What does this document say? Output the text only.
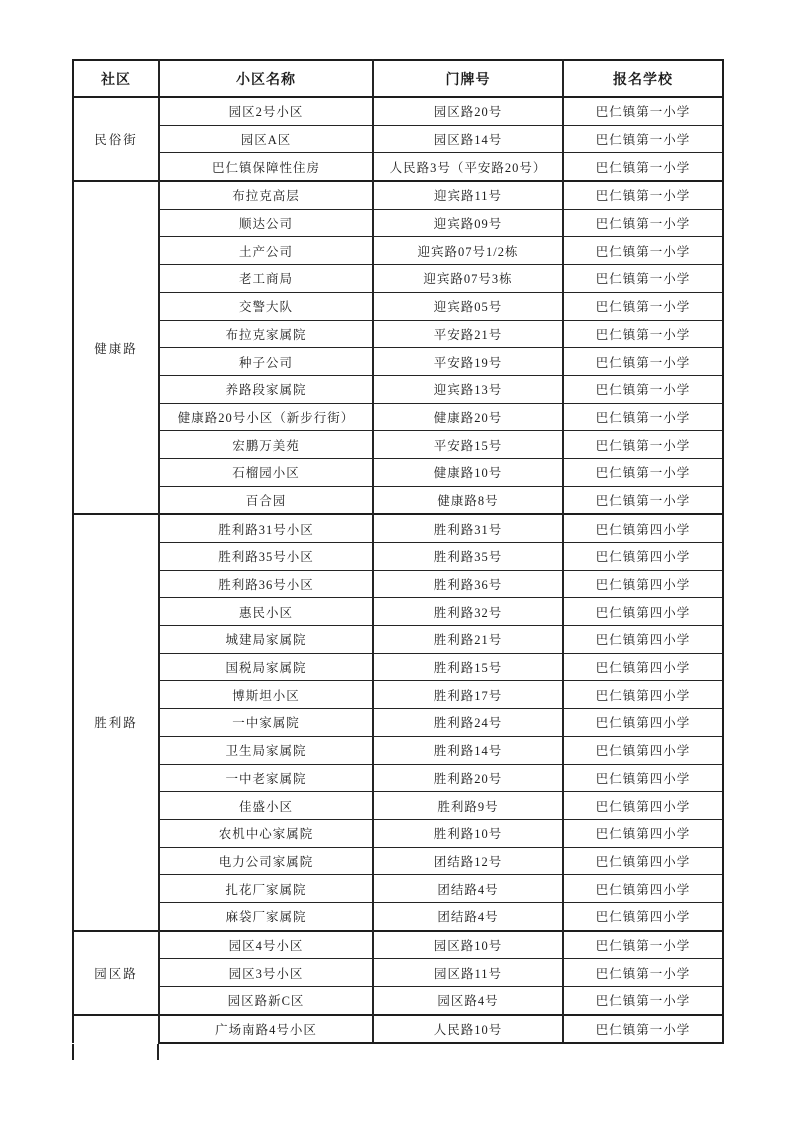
社区	小区名称	门牌号	报名学校
民俗街	园区2号小区	园区路20号	巴仁镇第一小学
	园区A区	园区路14号	巴仁镇第一小学
	巴仁镇保障性住房	人民路3号（平安路20号）	巴仁镇第一小学
健康路	布拉克高层	迎宾路11号	巴仁镇第一小学
	顺达公司	迎宾路09号	巴仁镇第一小学
	土产公司	迎宾路07号1/2栋	巴仁镇第一小学
	老工商局	迎宾路07号3栋	巴仁镇第一小学
	交警大队	迎宾路05号	巴仁镇第一小学
	布拉克家属院	平安路21号	巴仁镇第一小学
	种子公司	平安路19号	巴仁镇第一小学
	养路段家属院	迎宾路13号	巴仁镇第一小学
	健康路20号小区（新步行街）	健康路20号	巴仁镇第一小学
	宏鹏万美苑	平安路15号	巴仁镇第一小学
	石榴园小区	健康路10号	巴仁镇第一小学
	百合园	健康路8号	巴仁镇第一小学
胜利路	胜利路31号小区	胜利路31号	巴仁镇第四小学
	胜利路35号小区	胜利路35号	巴仁镇第四小学
	胜利路36号小区	胜利路36号	巴仁镇第四小学
	惠民小区	胜利路32号	巴仁镇第四小学
	城建局家属院	胜利路21号	巴仁镇第四小学
	国税局家属院	胜利路15号	巴仁镇第四小学
	博斯坦小区	胜利路17号	巴仁镇第四小学
	一中家属院	胜利路24号	巴仁镇第四小学
	卫生局家属院	胜利路14号	巴仁镇第四小学
	一中老家属院	胜利路20号	巴仁镇第四小学
	佳盛小区	胜利路9号	巴仁镇第四小学
	农机中心家属院	胜利路10号	巴仁镇第四小学
	电力公司家属院	团结路12号	巴仁镇第四小学
	扎花厂家属院	团结路4号	巴仁镇第四小学
	麻袋厂家属院	团结路4号	巴仁镇第四小学
园区路	园区4号小区	园区路10号	巴仁镇第一小学
	园区3号小区	园区路11号	巴仁镇第一小学
	园区路新C区	园区路4号	巴仁镇第一小学
	广场南路4号小区	人民路10号	巴仁镇第一小学
